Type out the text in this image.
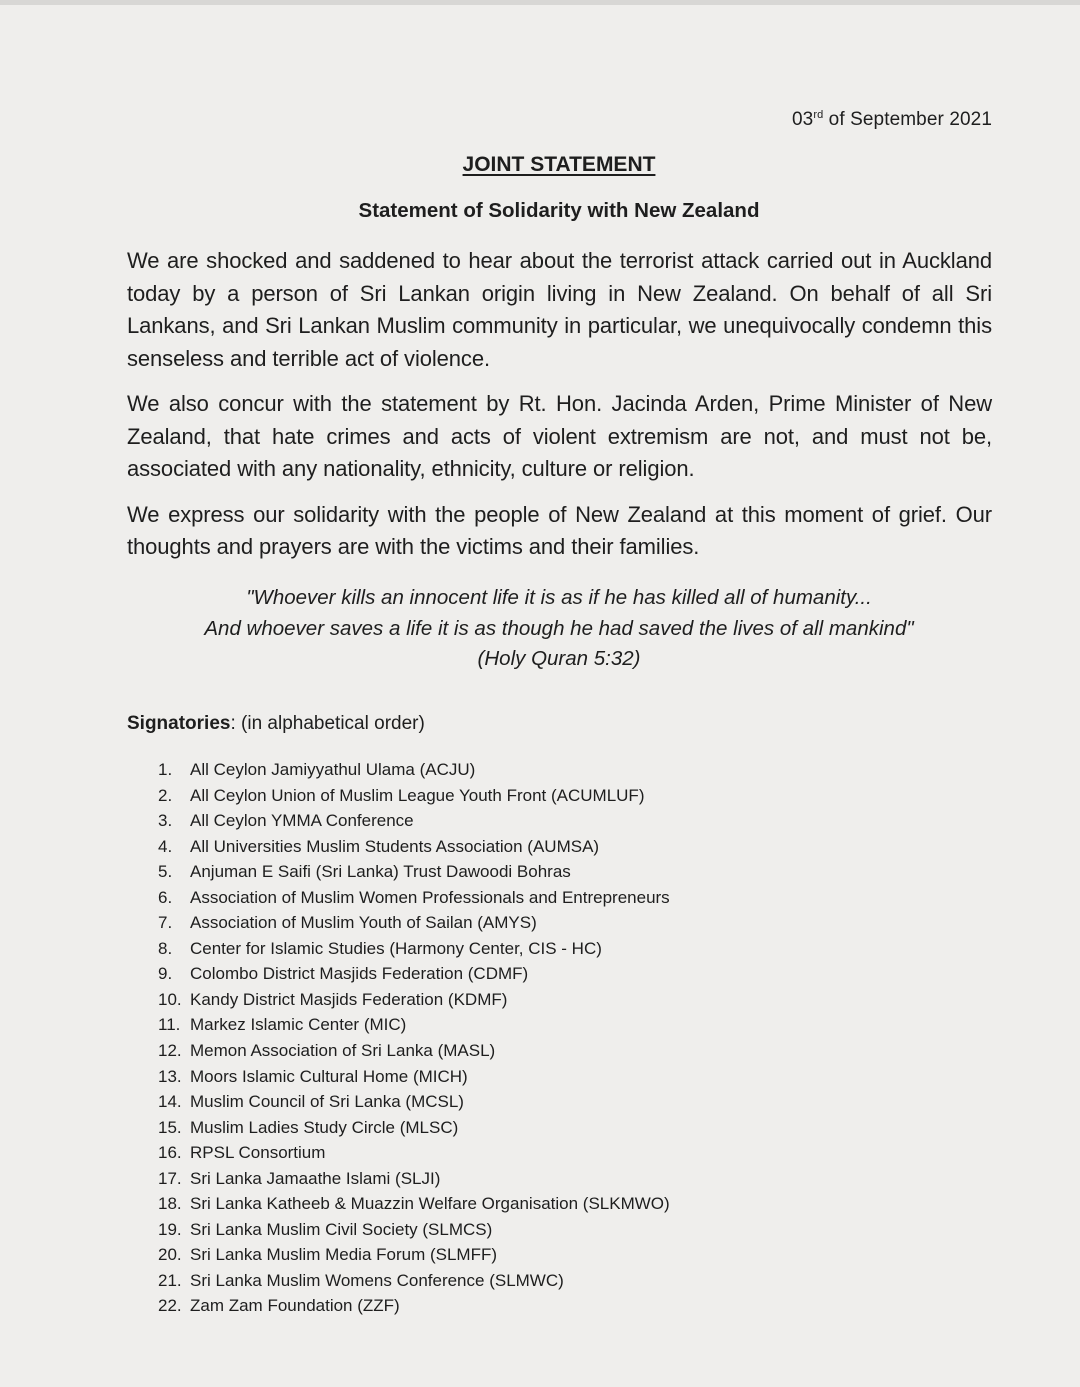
03rd of September 2021
JOINT STATEMENT
Statement of Solidarity with New Zealand

We are shocked and saddened to hear about the terrorist attack carried out in Auckland today by a person of Sri Lankan origin living in New Zealand. On behalf of all Sri Lankans, and Sri Lankan Muslim community in particular, we unequivocally condemn this senseless and terrible act of violence.

We also concur with the statement by Rt. Hon. Jacinda Arden, Prime Minister of New Zealand, that hate crimes and acts of violent extremism are not, and must not be, associated with any nationality, ethnicity, culture or religion.

We express our solidarity with the people of New Zealand at this moment of grief. Our thoughts and prayers are with the victims and their families.

"Whoever kills an innocent life it is as if he has killed all of humanity...
And whoever saves a life it is as though he had saved the lives of all mankind"
(Holy Quran 5:32)
Signatories: (in alphabetical order)
1. All Ceylon Jamiyyathul Ulama (ACJU)
2. All Ceylon Union of Muslim League Youth Front (ACUMLUF)
3. All Ceylon YMMA Conference
4. All Universities Muslim Students Association (AUMSA)
5. Anjuman E Saifi (Sri Lanka) Trust Dawoodi Bohras
6. Association of Muslim Women Professionals and Entrepreneurs
7. Association of Muslim Youth of Sailan (AMYS)
8. Center for Islamic Studies (Harmony Center, CIS - HC)
9. Colombo District Masjids Federation (CDMF)
10. Kandy District Masjids Federation (KDMF)
11. Markez Islamic Center (MIC)
12. Memon Association of Sri Lanka (MASL)
13. Moors Islamic Cultural Home (MICH)
14. Muslim Council of Sri Lanka (MCSL)
15. Muslim Ladies Study Circle (MLSC)
16. RPSL Consortium
17. Sri Lanka Jamaathe Islami (SLJI)
18. Sri Lanka Katheeb & Muazzin Welfare Organisation (SLKMWO)
19. Sri Lanka Muslim Civil Society (SLMCS)
20. Sri Lanka Muslim Media Forum (SLMFF)
21. Sri Lanka Muslim Womens Conference (SLMWC)
22. Zam Zam Foundation (ZZF)
